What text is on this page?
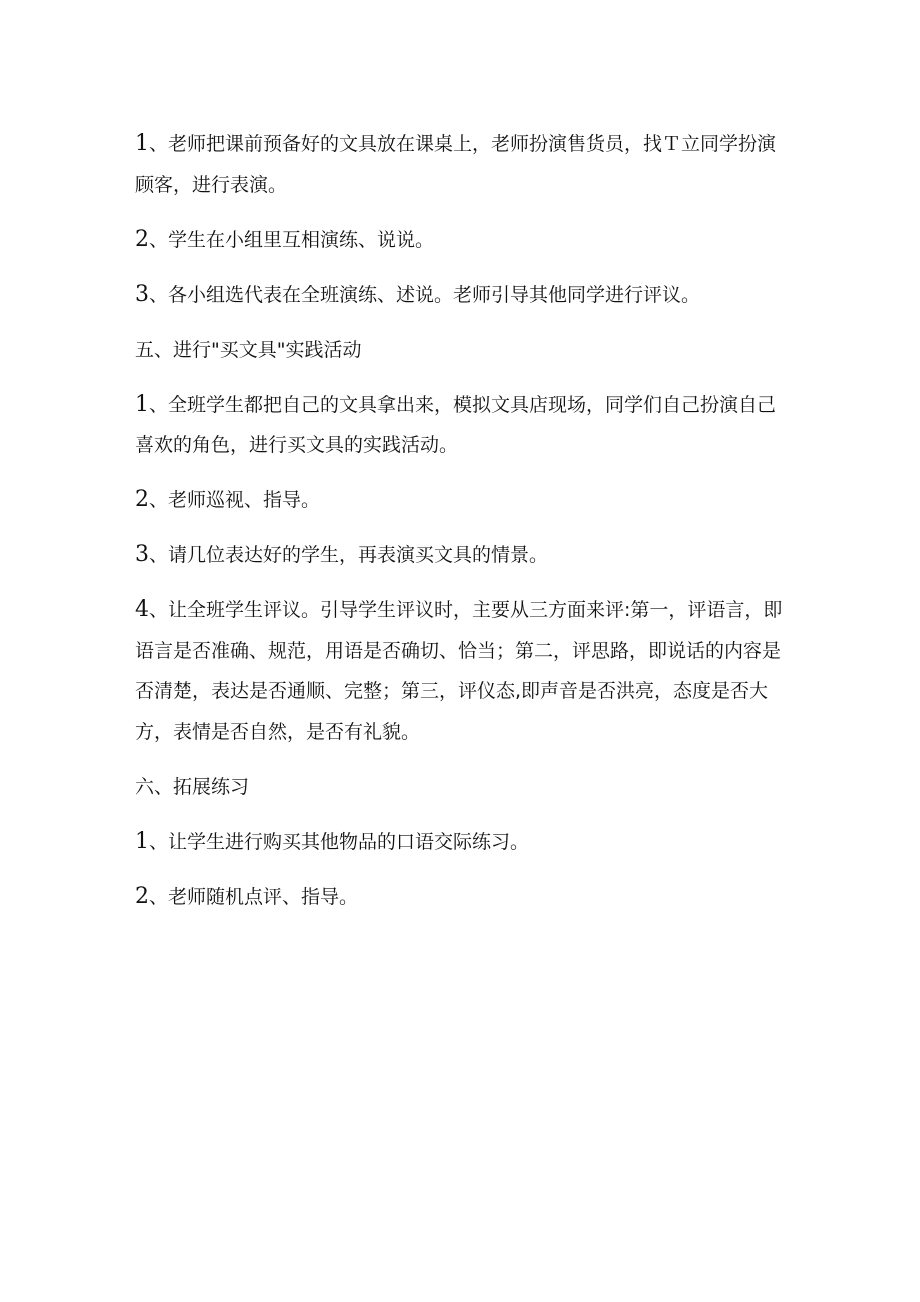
1、老师把课前预备好的文具放在课桌上，老师扮演售货员，找Ｔ立同学扮演顾客，进行表演。

2、学生在小组里互相演练、说说。

3、各小组选代表在全班演练、述说。老师引导其他同学进行评议。

五、进行"买文具"实践活动

1、全班学生都把自己的文具拿出来，模拟文具店现场，同学们自己扮演自己喜欢的角色，进行买文具的实践活动。

2、老师巡视、指导。

3、请几位表达好的学生，再表演买文具的情景。

4、让全班学生评议。引导学生评议时，主要从三方面来评:第一，评语言，即语言是否准确、规范，用语是否确切、恰当；第二，评思路，即说话的内容是否清楚，表达是否通顺、完整；第三，评仪态,即声音是否洪亮，态度是否大方，表情是否自然，是否有礼貌。

六、拓展练习

1、让学生进行购买其他物品的口语交际练习。

2、老师随机点评、指导。
